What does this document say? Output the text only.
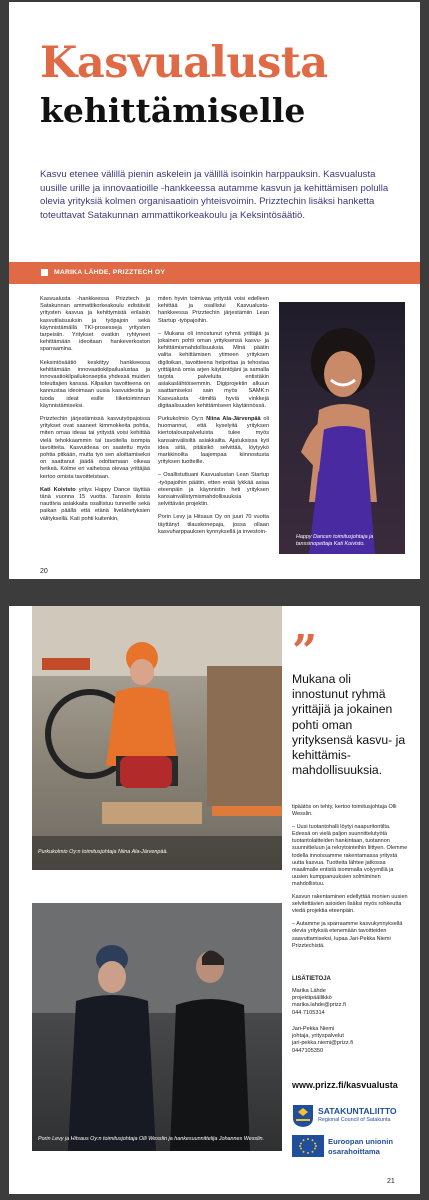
Kasvualusta
kehittämiselle
Kasvu etenee välillä pienin askelein ja välillä isoinkin harppauksin. Kasvualusta uusille urille ja innovaatioille -hankkeessa autamme kasvun ja kehittämisen polulla olevia yrityksiä kolmen organisaatioin yhteisvoimin. Prizztechin lisäksi hanketta toteuttavat Satakunnan ammattikorkeakoulu ja Keksintösäätiö.
MARIKA LÄHDE, PRIZZTECH OY

Kasvualusta -hankkeessa Prizztech ja Satakunnan ammattikorkeakoulu edistävät yritysten kasvua ja kehittymistä erilaisin kasvutilaisuuksin ja työpajoin sekä käynnistämällä TKI-prosesseja yritysten tarpeisiin. Yritykset ovatkin ryhtyneet kehittämään ideoitaan hankeverkoston sparraamina.

Keksintösäätiö keskittyy hankkeessa kehittämään innovaatiokilpailualustaa ja innovaatiokilpailukonseptia yhdessä muiden toteuttajien kanssa. Kilpailun tavoitteena on kannustaa ideoimaan uusia kasvuideoita ja tuoda ideat esille liiketoiminnan käynnistämiseksi.

Prizztechin järjestämissä kasvutyöpajoissa yritykset ovat saaneet kimmokkeita pohtia, miten omaa ideaa tai yritystä voisi kehittää vielä tehokkaammin tai tavoitella isompia tavoitteita. Kasvuideaa on saatettu myös pohtia pitkään, mutta työ sen aloittamiseksi on saattanut jäädä odottamaan oikeaa hetkeä. Kolme eri vaiheissa olevaa yrittäjää kertoo omista tavoitteistaan.

Kati Koivisto yritys Happy Dance täyttää tänä vuonna 15 vuotta. Tanssin iloista nauttivia asiakkaita osallistuu tunneille sekä paikan päällä että etänä livelähetyksien välityksellä. Kati pohti kuitenkin,

miten hyvin toimivaa yritystä voisi edelleen kehittää ja osallistui Kasvualusta-hankkeessa Prizztechin järjestämiin Lean Startup -työpajoihin.

– Mukana oli innostunut ryhmä yrittäjiä ja jokainen pohti oman yrityksensä kasvu- ja kehittämismahdollisuuksia. Minä päätin valita kehittämisen ytimeen yrityksen digiloikan, tavoitteena helpottaa ja tehostaa yrittäjänä omia arjen käytäntöjäni ja samalla tarjota palveluita entistäkin asiakaslähtöisemmin. Digiprojektin alkuun saattamiseksi sain myös SAMK:n Kasvualusta -tiimiltä hyviä vinkkejä digitaalisuuden kehittämiseen käytännössä.

Purkukolmio Oy:n Niina Ala-Järvenpää oli huomannut, että kyselyitä yrityksen kiertotalouspalveluista tulee myös kansainvälisiltä asiakkailta. Ajatuksissa kyti idea siitä, pitäisikö selvittää, löytyykö markkinoilta laajempaa kiinnostusta yrityksen tuotteille.

– Osallistuttuani Kasvualustan Lean Startup -työpajoihin päätin, etten enää lykkää asiaa eteenpäin ja käynnistin heti yrityksen kansainvälistymismahdollisuuksia selvittävän projektin.

Porin Levy ja Hitsaus Oy on juuri 70 vuotta täyttänyt tilauskonepaja, jossa ollaan kasvuharppauksen kynnyksellä ja investoin-

Happy Dancen toimitusjohtaja ja tanssinopettaja Kati Koivisto.
20
Purkukolmio Oy:n toimitusjohtaja Niina Ala-Järvenpää.
Porin Levy ja Hitsaus Oy:n toimitusjohtaja Olli Wesslin ja hankesuunnittelija Johannes Wesslin.
”
Mukana oli innostunut ryhmä yrittäjiä ja jokainen pohti oman yrityksensä kasvu- ja kehittämis-mahdollisuuksia.

tipäätös on tehty, kertoo toimitusjohtaja Olli Wesslin.

– Uusi tuotantohalli löytyi naapuritontilta. Edessä on vielä paljon suunnittelutyötä tuotantolaitteiden hankintaan, tuotannon suunnitteluun ja rekrytointeihin liittyen. Olemme todella innoissamme rakentamassa yritystä uutta kasvua. Tuotteita lähtee jatkossa maailmalle entistä isommalla volyymillä ja uusien kumppanuuksien solmiminen mahdollistuu.

Kasvun rakentaminen edellyttää monien uusien selvitettävien asioiden lisäksi myös rohkeutta viedä projektia eteenpäin.

– Autamme ja sparraamme kasvukynnyksellä olevia yrityksiä etenemään tavoitteiden saavuttamiseksi, lupaa Jari-Pekka Niemi Prizztechistä.

LISÄTIETOJA
Marika Lähde
projektipäällikkö
marika.lahde@prizz.fi
044 7105314
Jari-Pekka Niemi
johtaja, yrityspalvelut
jari-pekka.niemi@prizz.fi
0447105350
www.prizz.fi/kasvualusta
SATAKUNTALIITTO
Regional Council of Satakunta
Euroopan unionin
osarahoittama
21
